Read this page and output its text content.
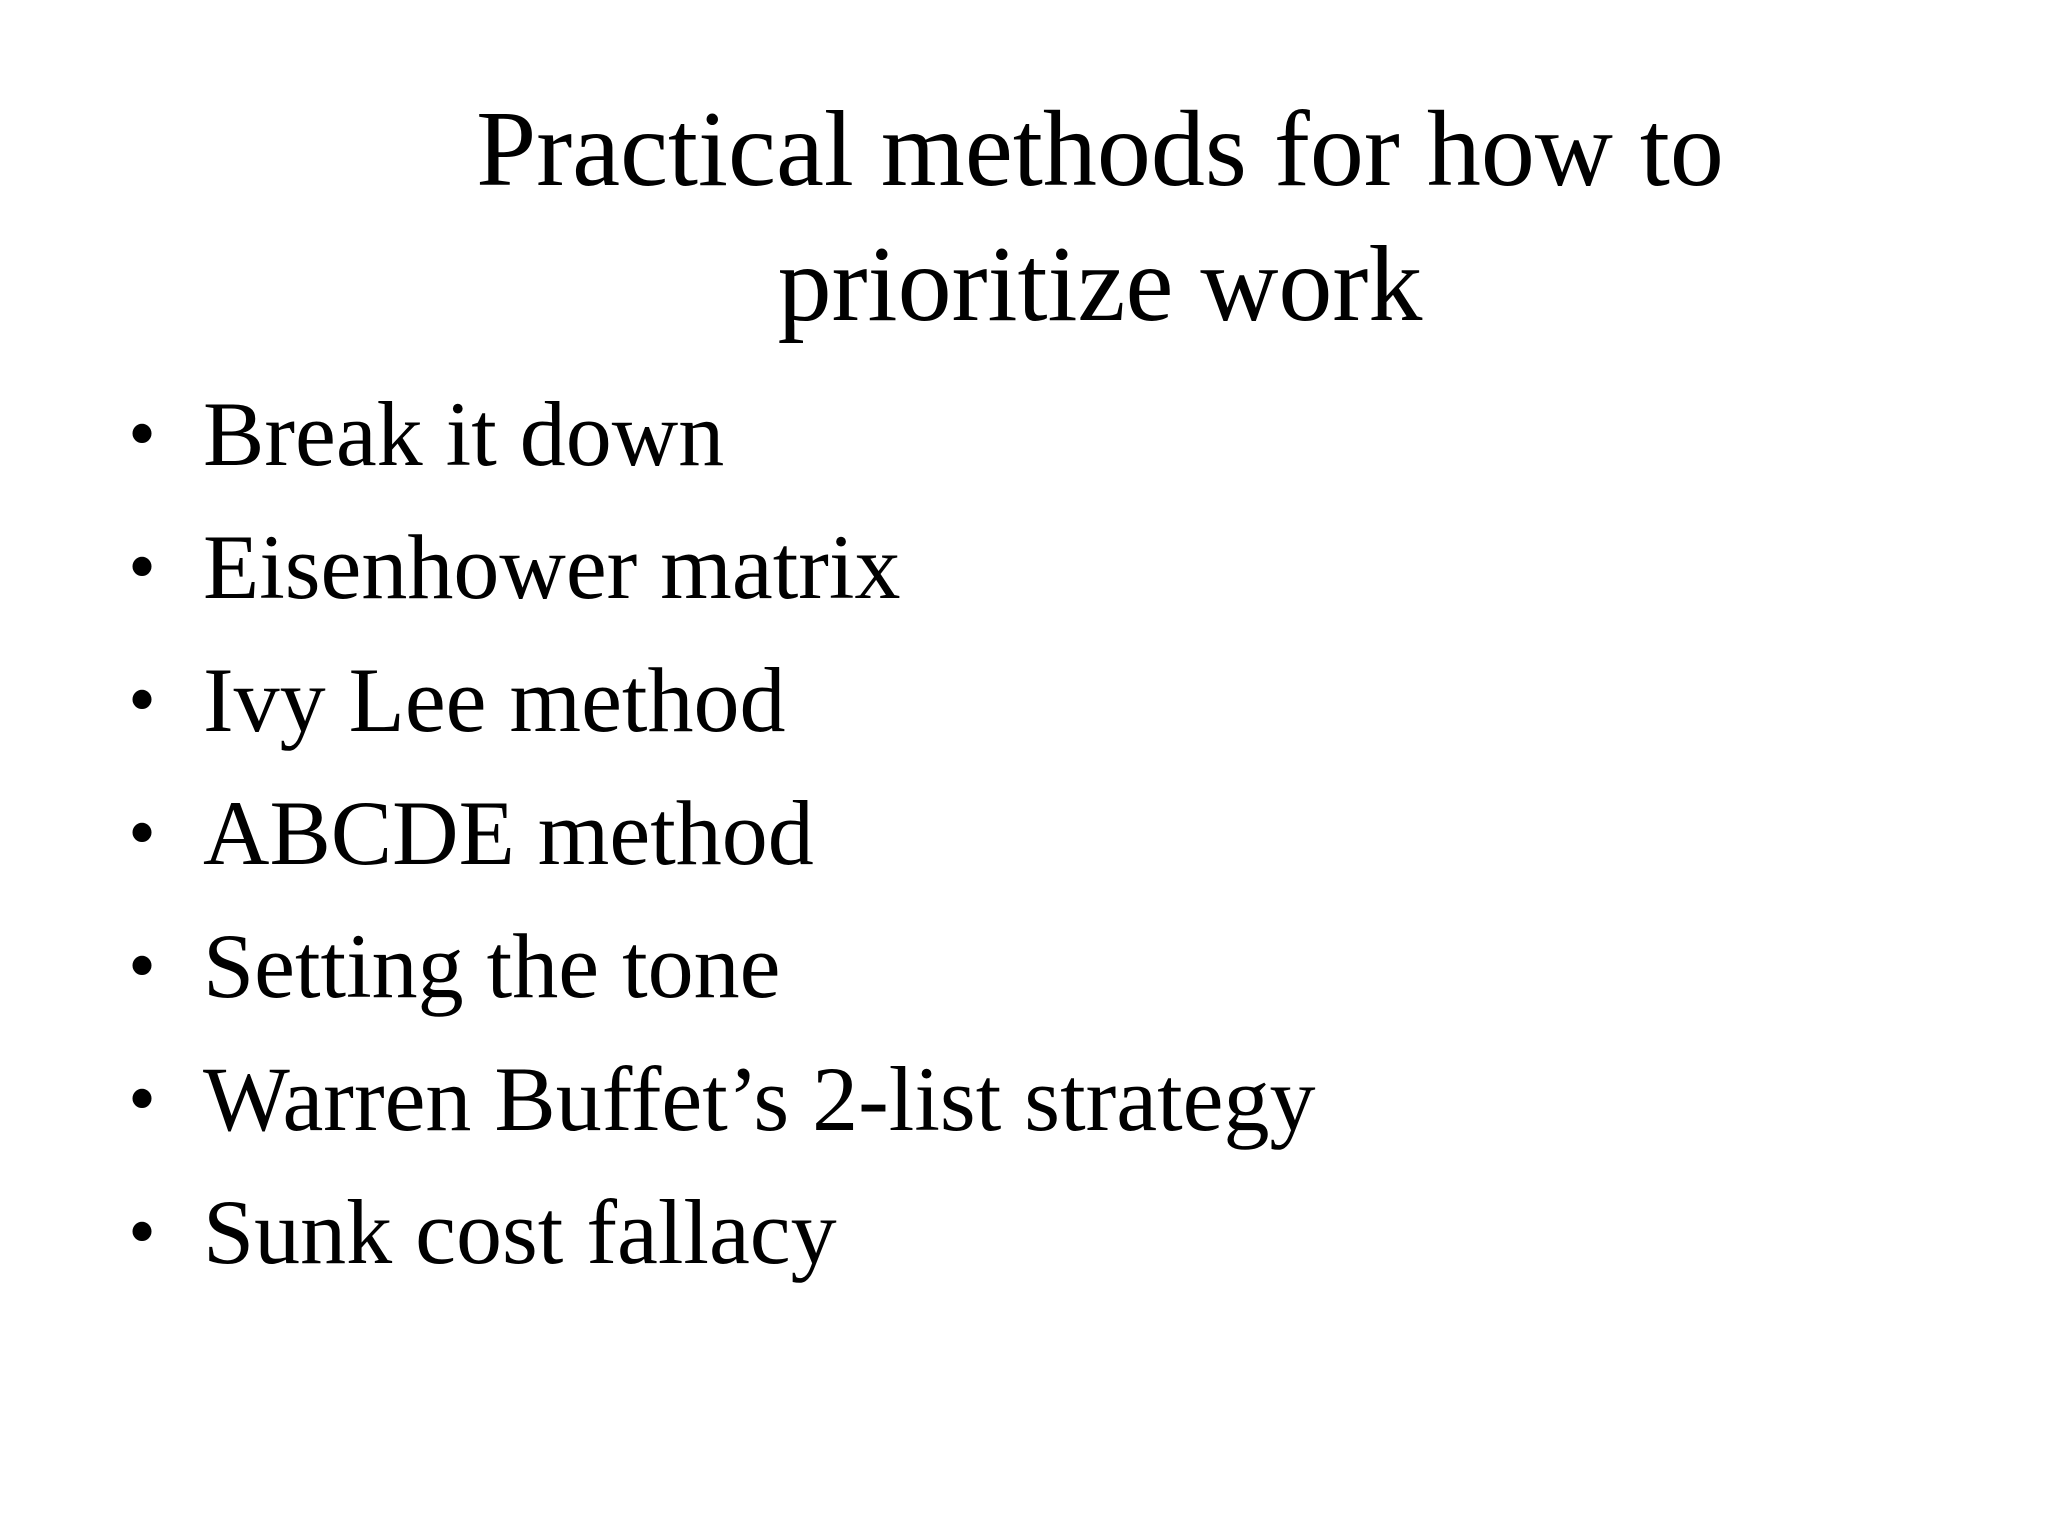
Practical methods for how to prioritize work
• Break it down
• Eisenhower matrix
• Ivy Lee method
• ABCDE method
• Setting the tone
• Warren Buffet’s 2-list strategy
• Sunk cost fallacy
